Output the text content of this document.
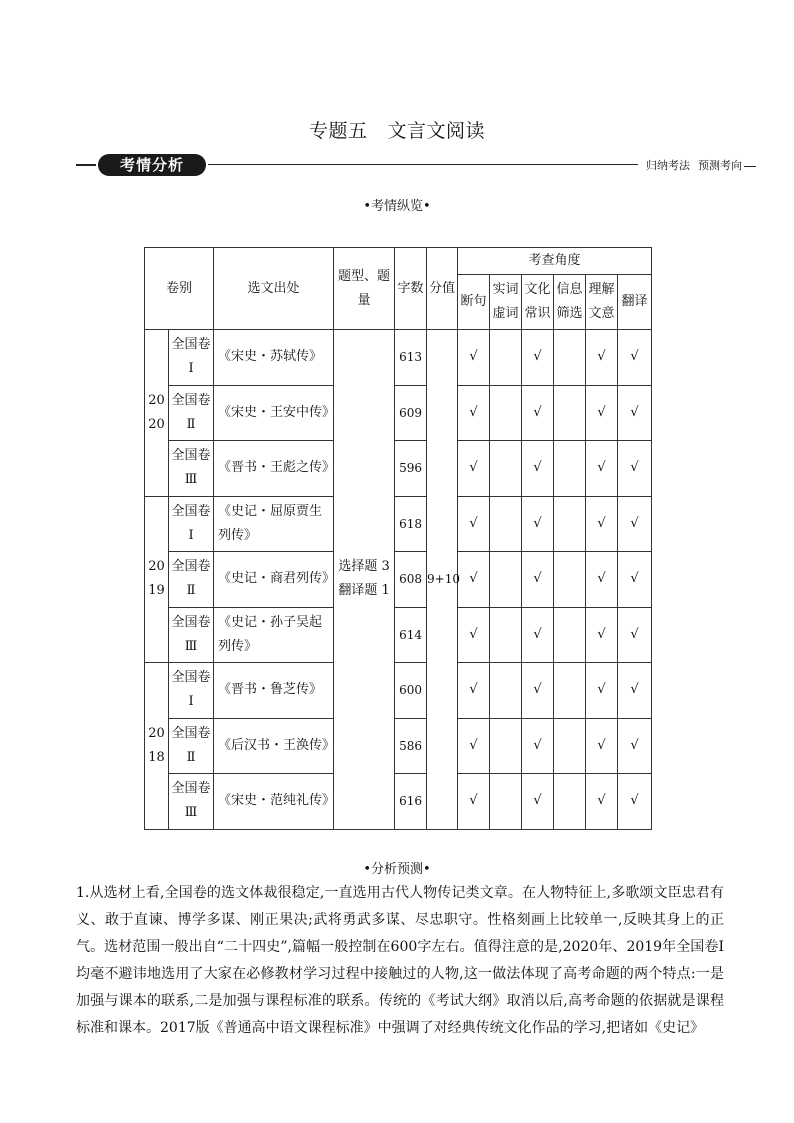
专题五 文言文阅读
考情分析	归纳考法 预测考向
•考情纵览•
卷别		选文出处	题型、题量	字数	分值	考查角度					
						断句	实词虚词	文化常识	信息筛选	理解文意	翻译
2020	全国卷Ⅰ	《宋史・苏轼传》	选择题 3 翻译题 1	613	9+10	√		√		√	√
	全国卷Ⅱ	《宋史・王安中传》		609		√		√		√	√
	全国卷Ⅲ	《晋书・王彪之传》		596		√		√		√	√
2019	全国卷Ⅰ	《史记・屈原贾生列传》		618		√		√		√	√
	全国卷Ⅱ	《史记・商君列传》		608		√		√		√	√
	全国卷Ⅲ	《史记・孙子吴起列传》		614		√		√		√	√
2018	全国卷Ⅰ	《晋书・鲁芝传》		600		√		√		√	√
	全国卷Ⅱ	《后汉书・王涣传》		586		√		√		√	√
	全国卷Ⅲ	《宋史・范纯礼传》		616		√		√		√	√
•分析预测•
1.从选材上看,全国卷的选文体裁很稳定,一直选用古代人物传记类文章。在人物特征上,多歌颂文臣忠君有义、敢于直谏、博学多谋、刚正果决;武将勇武多谋、尽忠职守。性格刻画上比较单一,反映其身上的正气。选材范围一般出自“二十四史”,篇幅一般控制在600字左右。值得注意的是,2020年、2019年全国卷Ⅰ均毫不避讳地选用了大家在必修教材学习过程中接触过的人物,这一做法体现了高考命题的两个特点:一是加强与课本的联系,二是加强与课程标准的联系。传统的《考试大纲》取消以后,高考命题的依据就是课程标准和课本。2017版《普通高中语文课程标准》中强调了对经典传统文化作品的学习,把诸如《史记》
